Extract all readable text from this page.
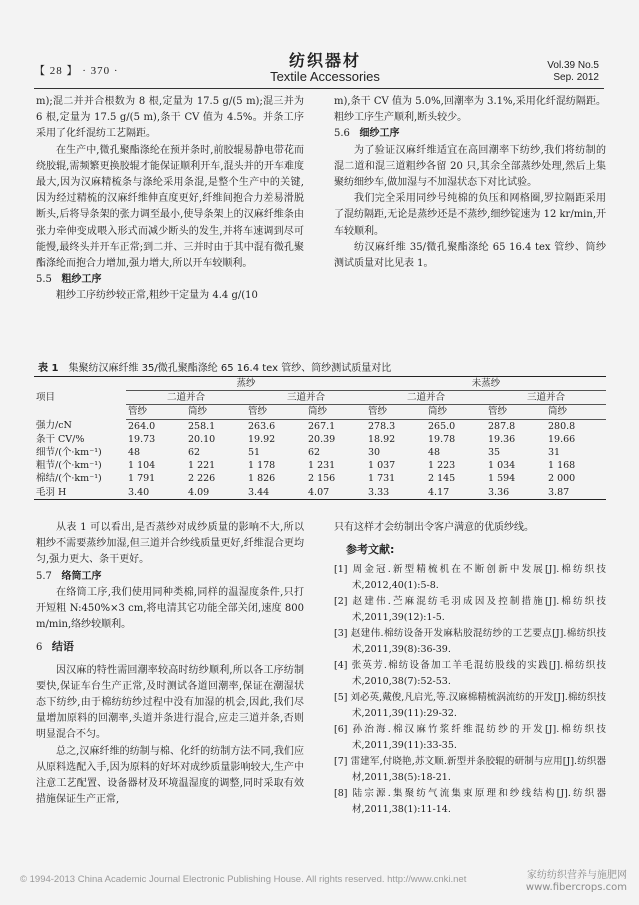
【 28 】 · 370 ·
纺织器材
Textile Accessories
Vol.39 No.5
Sep. 2012

m);混二并并合根数为 8 根,定量为 17.5 g/(5 m);混三并为 6 根,定量为 17.5 g/(5 m),条干 CV 值为 4.5%。并条工序采用了化纤混纺工艺隔距。

在生产中,微孔聚酯涤纶在预并条时,前胶辊易静电带花而绕胶辊,需频繁更换胶辊才能保证顺利开车,混头并的开车难度最大,因为汉麻精梳条与涤纶采用条混,是整个生产中的关键,因为经过精梳的汉麻纤维伸直度更好,纤维间抱合力差易滑脱断头,后将导条架的张力调至最小,使导条架上的汉麻纤维条由张力牵伸变成喂入形式而减少断头的发生,并将车速调到尽可能慢,最终头并开车正常;到二并、三并时由于其中混有微孔聚酯涤纶而抱合力增加,强力增大,所以开车较顺利。

5.5 粗纱工序

粗纱工序纺纱较正常,粗纱干定量为 4.4 g/(10

m),条干 CV 值为 5.0%,回潮率为 3.1%,采用化纤混纺隔距。粗纱工序生产顺利,断头较少。

5.6 细纱工序

为了验证汉麻纤维适宜在高回潮率下纺纱,我们将纺制的混二道和混三道粗纱各留 20 只,其余全部蒸纱处理,然后上集聚纺细纱车,做加湿与不加湿状态下对比试验。

我们完全采用同纱号纯棉的负压和网格圈,罗拉隔距采用了混纺隔距,无论是蒸纱还是不蒸纱,细纱锭速为 12 kr/min,开车较顺利。

纺汉麻纤维 35/微孔聚酯涤纶 65 16.4 tex 管纱、筒纱测试质量对比见表 1。

表 1 集聚纺汉麻纤维 35/微孔聚酯涤纶 65 16.4 tex 管纱、筒纱测试质量对比
项目	蒸纱				未蒸纱			
	二道并合		三道并合		二道并合		三道并合	
	管纱	筒纱	管纱	筒纱	管纱	筒纱	管纱	筒纱
强力/cN	264.0	258.1	263.6	267.1	278.3	265.0	287.8	280.8
条干 CV/%	19.73	20.10	19.92	20.39	18.92	19.78	19.36	19.66
细节/(个·km⁻¹)	48	62	51	62	30	48	35	31
粗节/(个·km⁻¹)	1 104	1 221	1 178	1 231	1 037	1 223	1 034	1 168
棉结/(个·km⁻¹)	1 791	2 226	1 826	2 156	1 731	2 145	1 594	2 000
毛羽 H	3.40	4.09	3.44	4.07	3.33	4.17	3.36	3.87

从表 1 可以看出,是否蒸纱对成纱质量的影响不大,所以粗纱不需要蒸纱加湿,但三道并合纱线质量更好,纤维混合更均匀,强力更大、条干更好。

5.7 络筒工序

在络筒工序,我们使用同种类棉,同样的温湿度条件,只打开短粗 N:450%×3 cm,将电清其它功能全部关闭,速度 800 m/min,络纱较顺利。

6 结语

因汉麻的特性需回潮率较高时纺纱顺利,所以各工序纺制要快,保证车台生产正常,及时测试各道回潮率,保证在潮湿状态下纺纱,由于棉纺纺纱过程中没有加湿的机会,因此,我们尽量增加原料的回潮率,头道并条进行混合,应走三道并条,否则明显混合不匀。

总之,汉麻纤维的纺制与棉、化纤的纺制方法不同,我们应从原料选配入手,因为原料的好坏对成纱质量影响较大,生产中注意工艺配置、设备器材及环境温湿度的调整,同时采取有效措施保证生产正常,

只有这样才会纺制出令客户满意的优质纱线。

参考文献:
[1] 周金冠.新型精梳机在不断创新中发展[J].棉纺织技术,2012,40(1):5-8.
[2] 赵建伟.苎麻混纺毛羽成因及控制措施[J].棉纺织技术,2011,39(12):1-5.
[3] 赵建伟.棉纺设备开发麻粘胶混纺纱的工艺要点[J].棉纺织技术,2011,39(8):36-39.
[4] 张英芳.棉纺设备加工羊毛混纺股线的实践[J].棉纺织技术,2010,38(7):52-53.
[5] 刘必英,戴俊,凡启光,等.汉麻棉精梳涡流纺的开发[J].棉纺织技术,2011,39(11):29-32.
[6] 孙治海.棉汉麻竹浆纤维混纺纱的开发[J].棉纺织技术,2011,39(11):33-35.
[7] 雷建军,付晓艳,苏文顺.新型并条胶辊的研制与应用[J].纺织器材,2011,38(5):18-21.
[8] 陆宗源.集聚纺气流集束原理和纱线结构[J].纺织器材,2011,38(1):11-14.
© 1994-2013 China Academic Journal Electronic Publishing House. All rights reserved. http://www.cnki.net	家纺纺织营养与施肥网
www.fibercrops.com
